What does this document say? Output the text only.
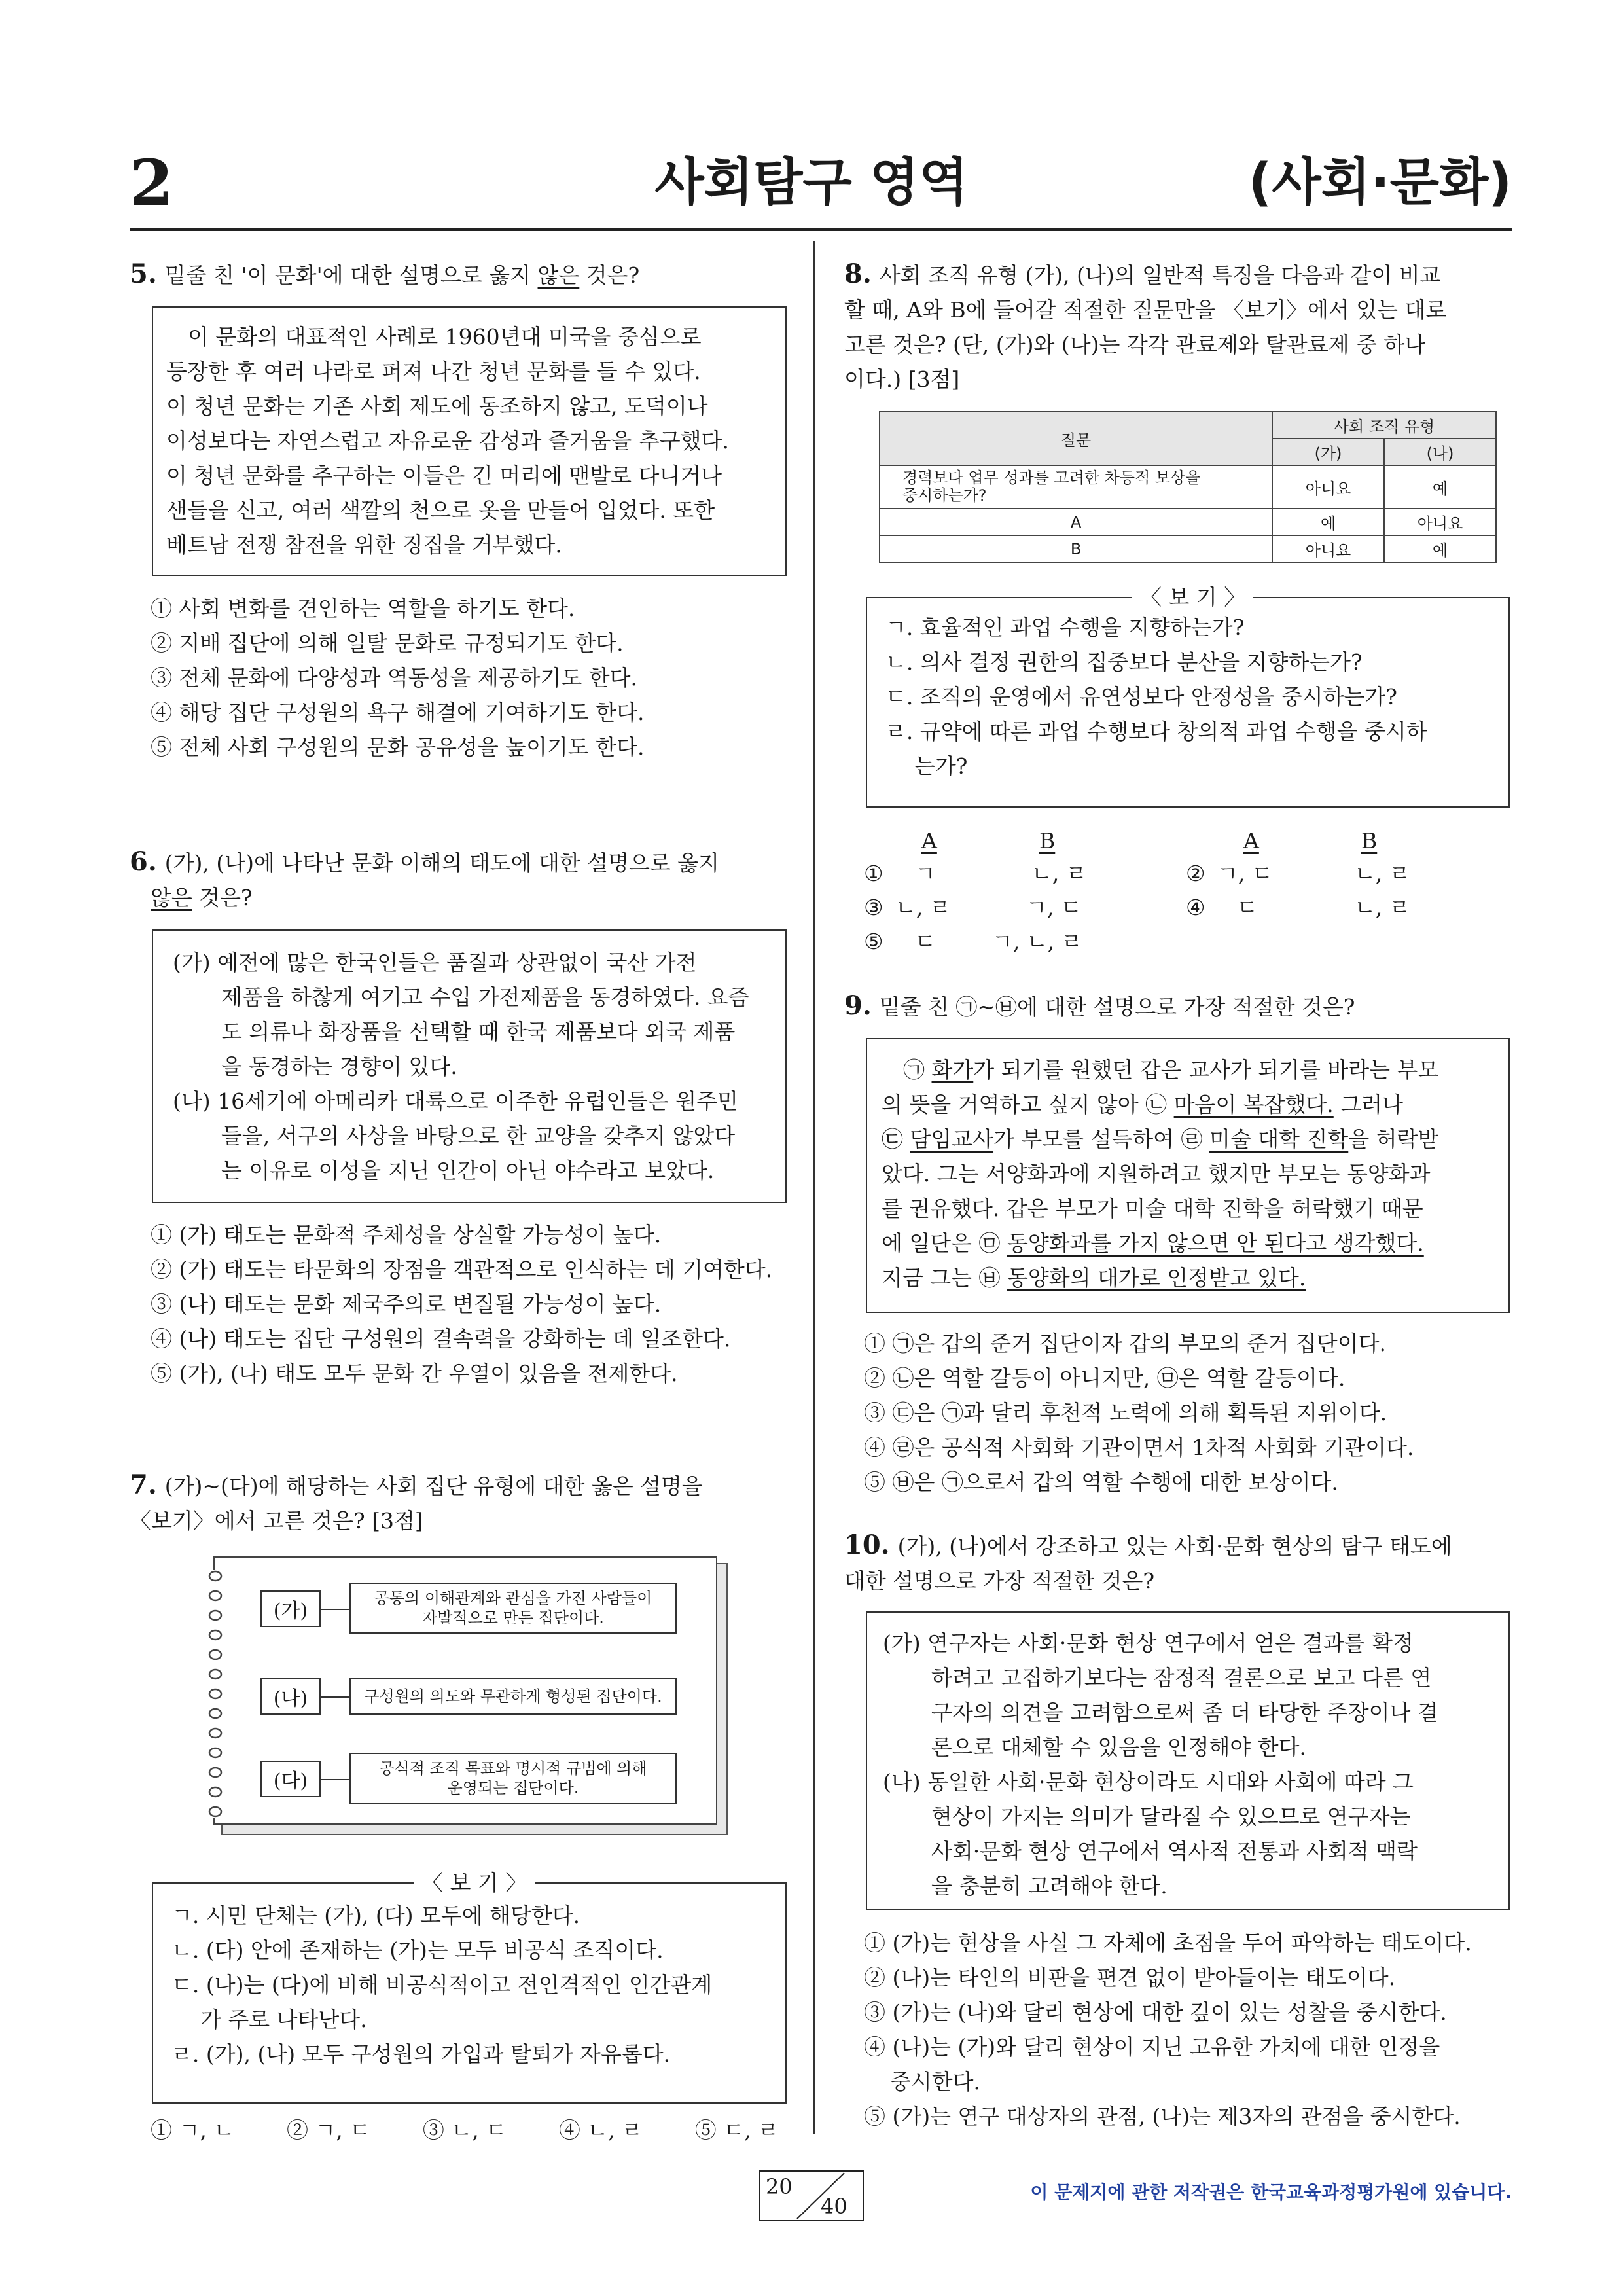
2	사회탐구 영역	(사회·문화)
5. 밑줄 친 '이 문화'에 대한 설명으로 옳지 않은 것은?
　이 문화의 대표적인 사례로 1960년대 미국을 중심으로
등장한 후 여러 나라로 퍼져 나간 청년 문화를 들 수 있다.
이 청년 문화는 기존 사회 제도에 동조하지 않고, 도덕이나
이성보다는 자연스럽고 자유로운 감성과 즐거움을 추구했다.
이 청년 문화를 추구하는 이들은 긴 머리에 맨발로 다니거나
샌들을 신고, 여러 색깔의 천으로 옷을 만들어 입었다. 또한
베트남 전쟁 참전을 위한 징집을 거부했다.
① 사회 변화를 견인하는 역할을 하기도 한다.
② 지배 집단에 의해 일탈 문화로 규정되기도 한다.
③ 전체 문화에 다양성과 역동성을 제공하기도 한다.
④ 해당 집단 구성원의 욕구 해결에 기여하기도 한다.
⑤ 전체 사회 구성원의 문화 공유성을 높이기도 한다.
6. (가), (나)에 나타난 문화 이해의 태도에 대한 설명으로 옳지
않은 것은?
(가) 예전에 많은 한국인들은 품질과 상관없이 국산 가전
제품을 하찮게 여기고 수입 가전제품을 동경하였다. 요즘
도 의류나 화장품을 선택할 때 한국 제품보다 외국 제품
을 동경하는 경향이 있다.
(나) 16세기에 아메리카 대륙으로 이주한 유럽인들은 원주민
들을, 서구의 사상을 바탕으로 한 교양을 갖추지 않았다
는 이유로 이성을 지닌 인간이 아닌 야수라고 보았다.
① (가) 태도는 문화적 주체성을 상실할 가능성이 높다.
② (가) 태도는 타문화의 장점을 객관적으로 인식하는 데 기여한다.
③ (나) 태도는 문화 제국주의로 변질될 가능성이 높다.
④ (나) 태도는 집단 구성원의 결속력을 강화하는 데 일조한다.
⑤ (가), (나) 태도 모두 문화 간 우열이 있음을 전제한다.
7. (가)~(다)에 해당하는 사회 집단 유형에 대한 옳은 설명을
〈보기〉에서 고른 것은? [3점]
(가)
공통의 이해관계와 관심을 가진 사람들이
자발적으로 만든 집단이다.
(나)	구성원의 의도와 무관하게 형성된 집단이다.
(다)
공식적 조직 목표와 명시적 규범에 의해
운영되는 집단이다.
ㄱ. 시민 단체는 (가), (다) 모두에 해당한다.
ㄴ. (다) 안에 존재하는 (가)는 모두 비공식 조직이다.
ㄷ. (나)는 (다)에 비해 비공식적이고 전인격적인 인간관계
가 주로 나타난다.
ㄹ. (가), (나) 모두 구성원의 가입과 탈퇴가 자유롭다.
〈 보 기 〉
① ㄱ, ㄴ ② ㄱ, ㄷ ③ ㄴ, ㄷ ④ ㄴ, ㄹ ⑤ ㄷ, ㄹ
8. 사회 조직 유형 (가), (나)의 일반적 특징을 다음과 같이 비교
할 때, A와 B에 들어갈 적절한 질문만을 〈보기〉에서 있는 대로
고른 것은? (단, (가)와 (나)는 각각 관료제와 탈관료제 중 하나
이다.) [3점]
질문	사회 조직 유형	
	(가)	(나)

경력보다 업무 성과를 고려한 차등적 보상을
중시하는가?	아니요	예
A	예	아니요
B	아니요	예
ㄱ. 효율적인 과업 수행을 지향하는가?
ㄴ. 의사 결정 권한의 집중보다 분산을 지향하는가?
ㄷ. 조직의 운영에서 유연성보다 안정성을 중시하는가?
ㄹ. 규약에 따른 과업 수행보다 창의적 과업 수행을 중시하
는가?
〈 보 기 〉
A	B	A	B
① ㄱ	ㄴ, ㄹ	② ㄱ, ㄷ	ㄴ, ㄹ
③ ㄴ, ㄹ	ㄱ, ㄷ	④ ㄷ	ㄴ, ㄹ
⑤ ㄷ	ㄱ, ㄴ, ㄹ
9. 밑줄 친 ㉠~㉥에 대한 설명으로 가장 적절한 것은?
　㉠ 화가가 되기를 원했던 갑은 교사가 되기를 바라는 부모
의 뜻을 거역하고 싶지 않아 ㉡ 마음이 복잡했다. 그러나
㉢ 담임교사가 부모를 설득하여 ㉣ 미술 대학 진학을 허락받
았다. 그는 서양화과에 지원하려고 했지만 부모는 동양화과
를 권유했다. 갑은 부모가 미술 대학 진학을 허락했기 때문
에 일단은 ㉤ 동양화과를 가지 않으면 안 된다고 생각했다.
지금 그는 ㉥ 동양화의 대가로 인정받고 있다.
① ㉠은 갑의 준거 집단이자 갑의 부모의 준거 집단이다.
② ㉡은 역할 갈등이 아니지만, ㉤은 역할 갈등이다.
③ ㉢은 ㉠과 달리 후천적 노력에 의해 획득된 지위이다.
④ ㉣은 공식적 사회화 기관이면서 1차적 사회화 기관이다.
⑤ ㉥은 ㉠으로서 갑의 역할 수행에 대한 보상이다.
10. (가), (나)에서 강조하고 있는 사회·문화 현상의 탐구 태도에
대한 설명으로 가장 적절한 것은?
(가) 연구자는 사회·문화 현상 연구에서 얻은 결과를 확정
하려고 고집하기보다는 잠정적 결론으로 보고 다른 연
구자의 의견을 고려함으로써 좀 더 타당한 주장이나 결
론으로 대체할 수 있음을 인정해야 한다.
(나) 동일한 사회·문화 현상이라도 시대와 사회에 따라 그
현상이 가지는 의미가 달라질 수 있으므로 연구자는
사회·문화 현상 연구에서 역사적 전통과 사회적 맥락
을 충분히 고려해야 한다.
① (가)는 현상을 사실 그 자체에 초점을 두어 파악하는 태도이다.
② (나)는 타인의 비판을 편견 없이 받아들이는 태도이다.
③ (가)는 (나)와 달리 현상에 대한 깊이 있는 성찰을 중시한다.
④ (나)는 (가)와 달리 현상이 지닌 고유한 가치에 대한 인정을
중시한다.
⑤ (가)는 연구 대상자의 관점, (나)는 제3자의 관점을 중시한다.
20
40
이 문제지에 관한 저작권은 한국교육과정평가원에 있습니다.
